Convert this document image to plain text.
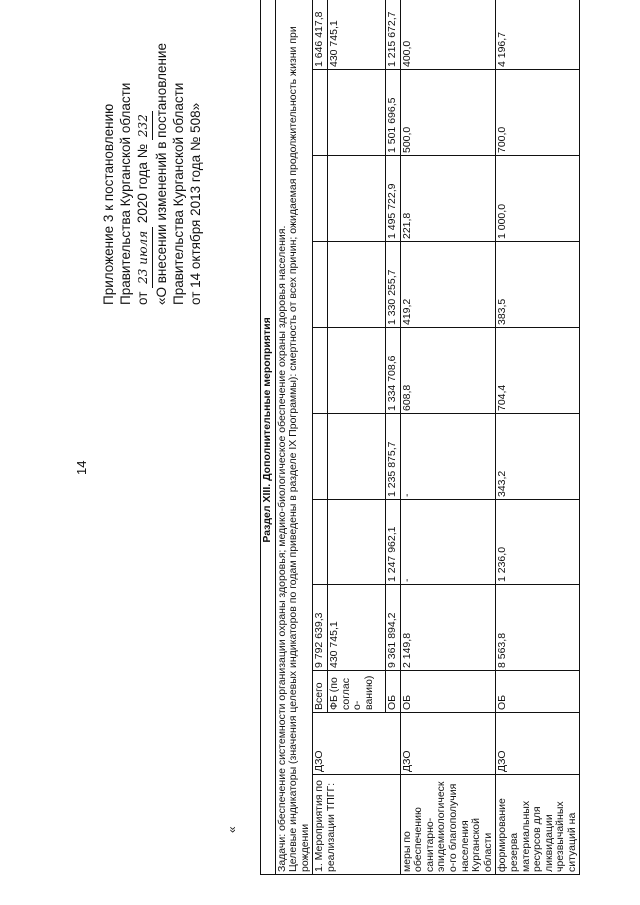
14
Приложение 3 к постановлению Правительства Курганской области от 23 июля 2020 года № 232 «О внесении изменений в постановление Правительства Курганской области от 14 октября 2013 года № 508»
«
Раздел XIII. Дополнительные мероприятия										

Задачи: обеспечение системности организации охраны здоровья; медико-биологическое обеспечение охраны здоровья населения. Целевые индикаторы (значения целевых индикаторов по годам приведены в разделе IX Программы): смертность от всех причин; ожидаемая продолжительность жизни при рождении										

1. Мероприятия по реализации ТПГГ:	ДЗО	Всего	9 792 639,3							1 646 417,8
		ФБ (по согласо-ванию)	430 745,1							430 745,1
		ОБ	9 361 894,2	1 247 962,1	1 235 875,7	1 334 708,6	1 330 255,7	1 495 722,9	1 501 696,5	1 215 672,7
меры по обеспечению санитарно-эпидемиологическо-го благополучия населения Курганской области	ДЗО	ОБ	2 149,8	-	-	608,8	419,2	221,8	500,0	400,0
формирование резерва материальных ресурсов для ликвидации чрезвычайных ситуаций на	ДЗО	ОБ	8 563,8	1 236,0	343,2	704,4	383,5	1 000,0	700,0	4 196,7
